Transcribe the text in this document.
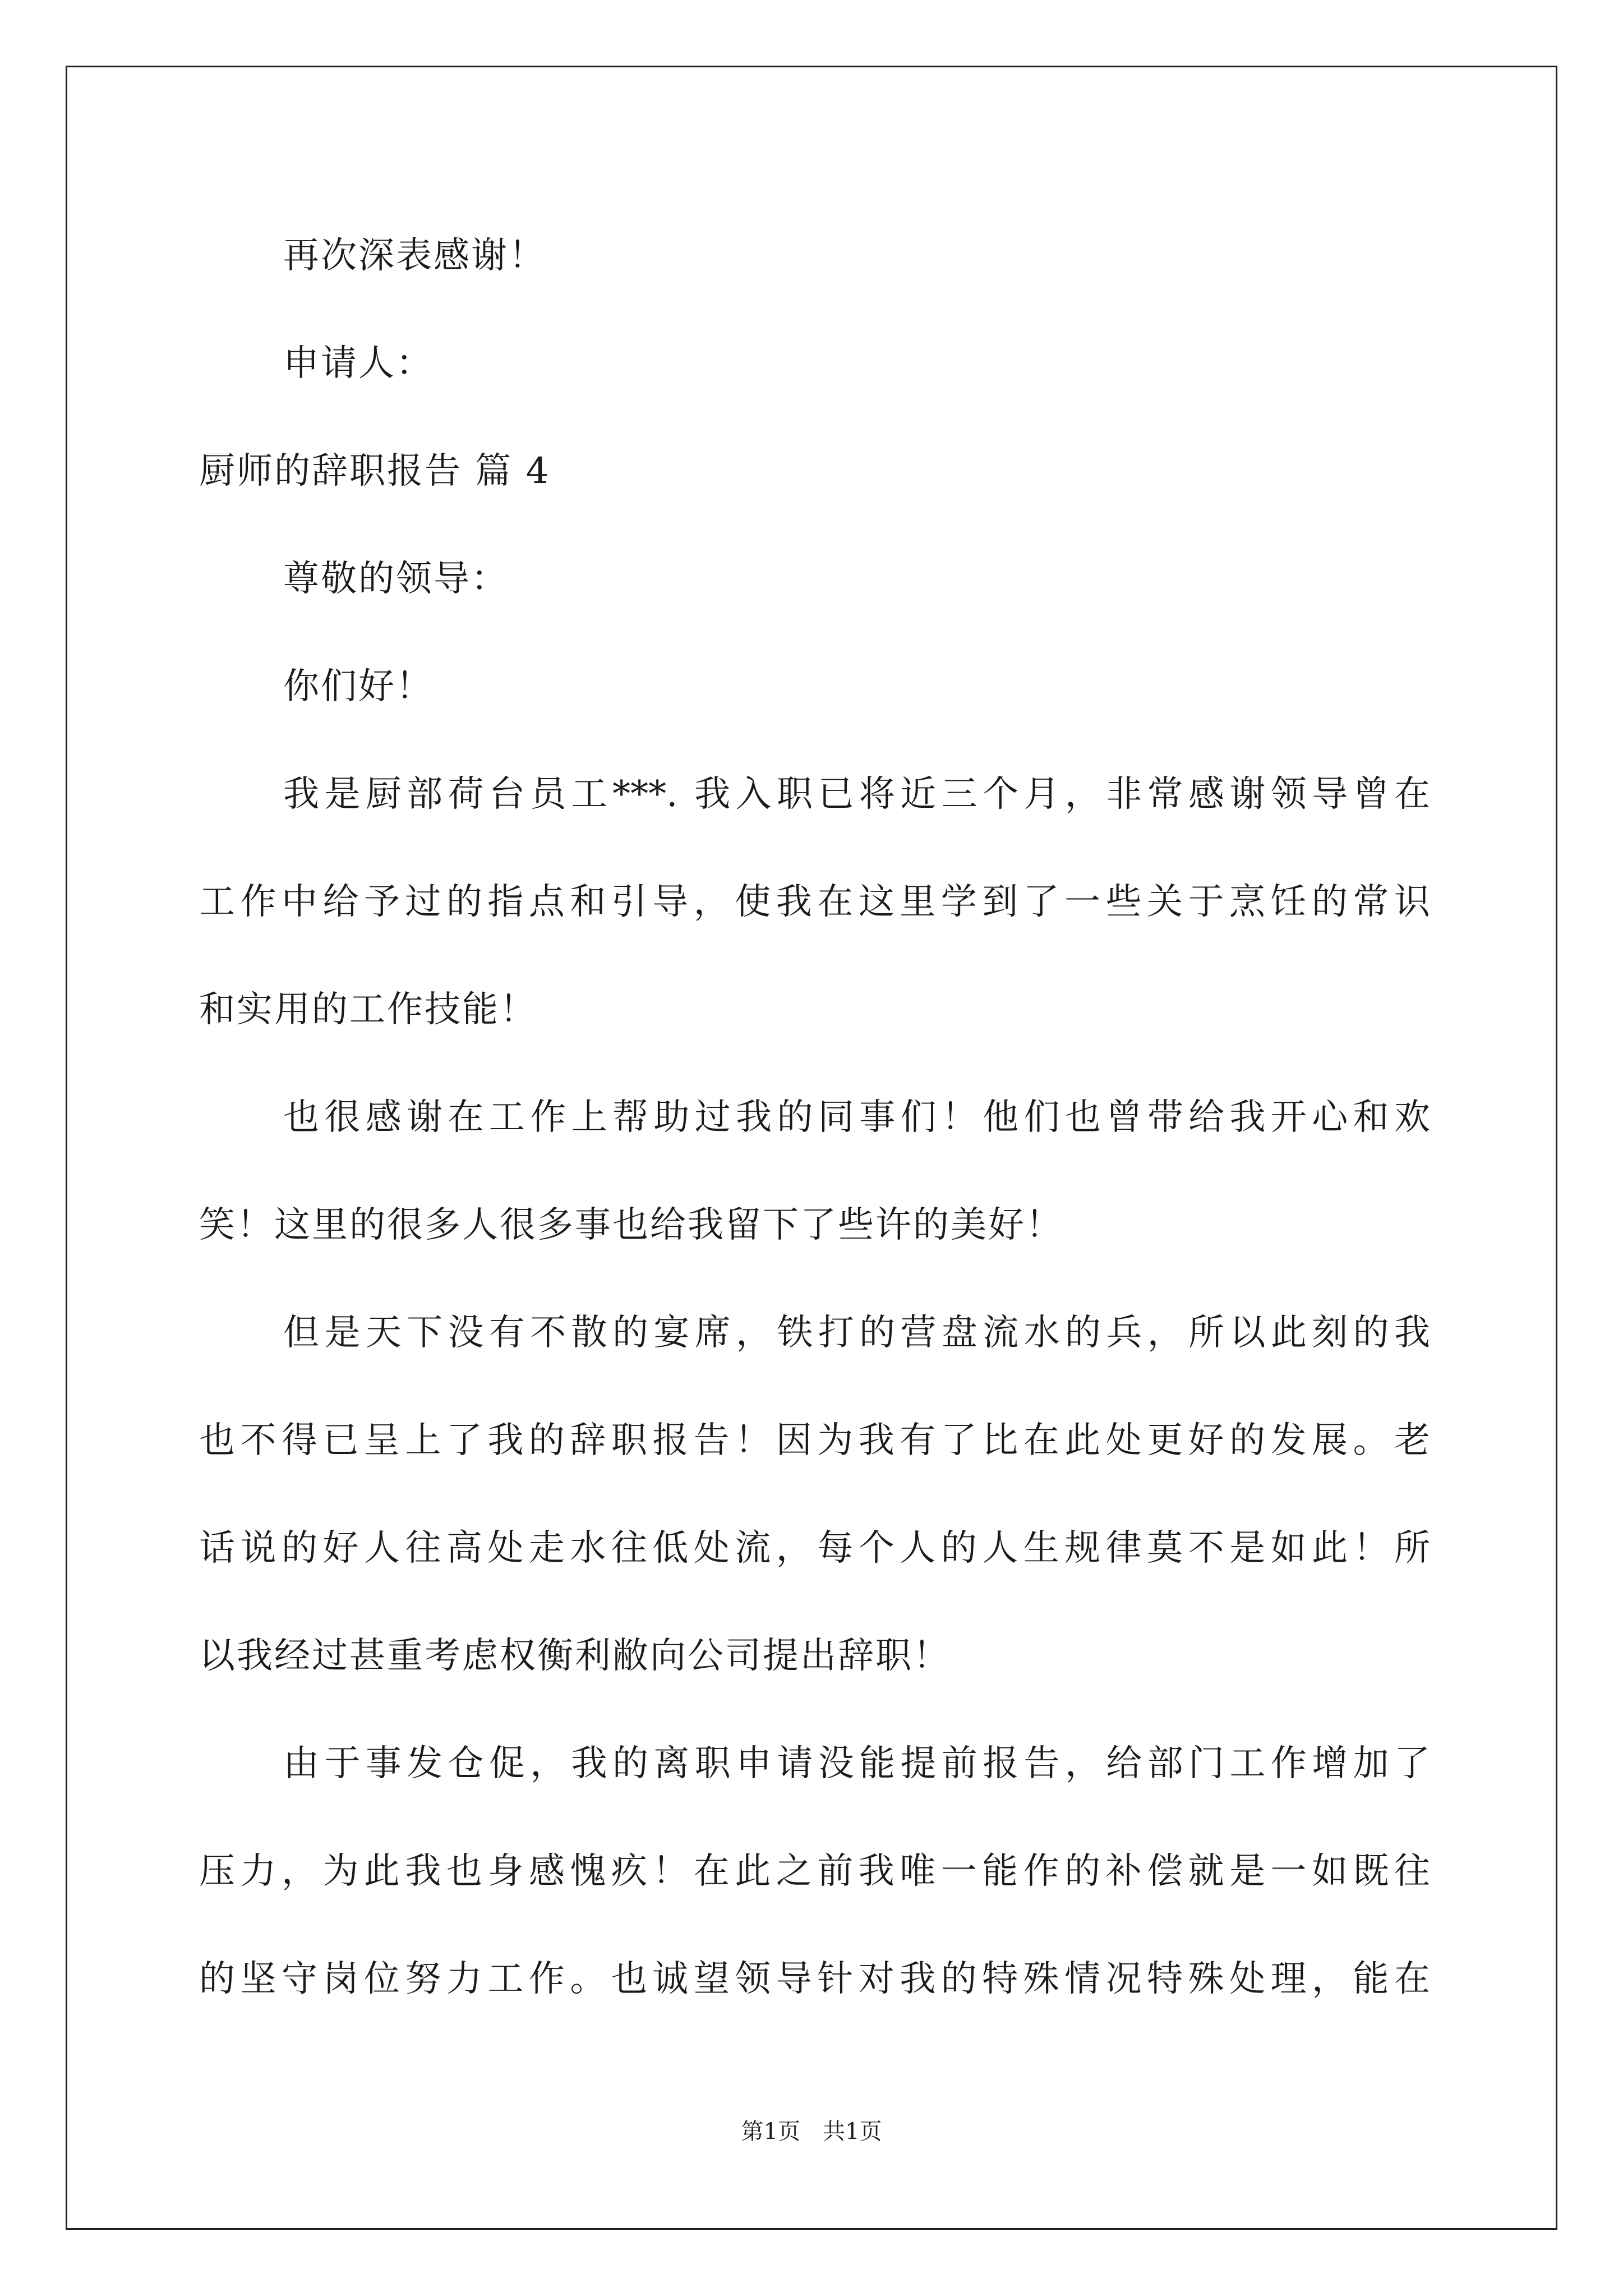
再次深表感谢！

申请人：

厨师的辞职报告 篇 4

尊敬的领导：

你们好！

我是厨部荷台员工***. 我入职已将近三个月，非常感谢领导曾在

工作中给予过的指点和引导，使我在这里学到了一些关于烹饪的常识

和实用的工作技能！

也很感谢在工作上帮助过我的同事们！他们也曾带给我开心和欢

笑！这里的很多人很多事也给我留下了些许的美好！

但是天下没有不散的宴席，铁打的营盘流水的兵，所以此刻的我

也不得已呈上了我的辞职报告！因为我有了比在此处更好的发展。老

话说的好人往高处走水往低处流，每个人的人生规律莫不是如此！所

以我经过甚重考虑权衡利敝向公司提出辞职！

由于事发仓促，我的离职申请没能提前报告，给部门工作增加了

压力，为此我也身感愧疚！在此之前我唯一能作的补偿就是一如既往

的坚守岗位努力工作。也诚望领导针对我的特殊情况特殊处理，能在

第1页　共1页
